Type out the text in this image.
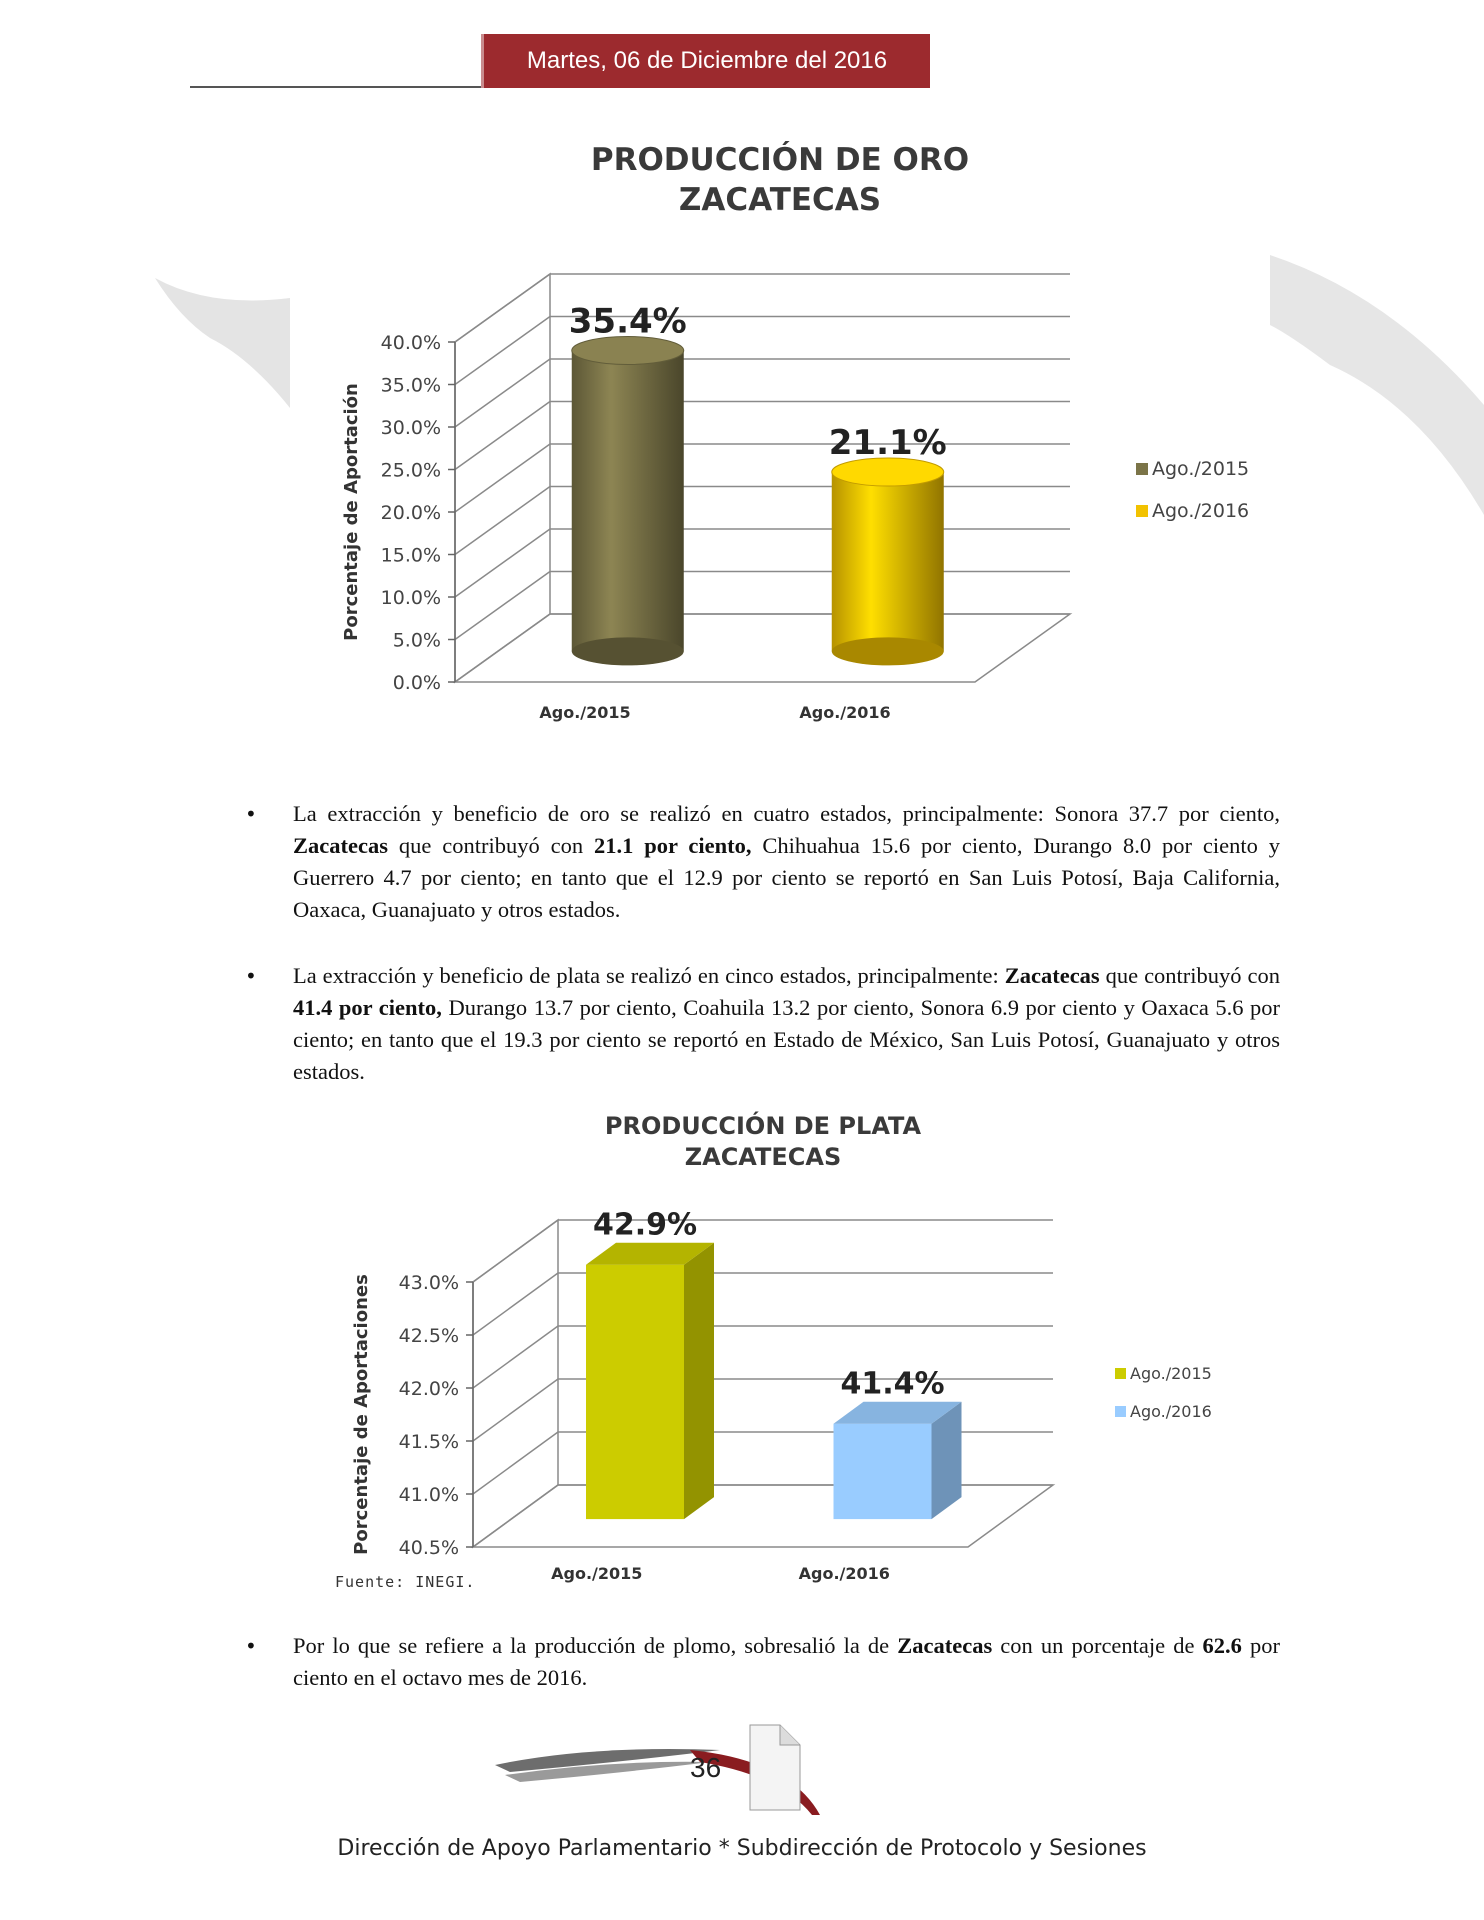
Martes, 06 de Diciembre del 2016
PRODUCCIÓN DE ORO
ZACATECAS
0.0%
5.0%
10.0%
15.0%
20.0%
25.0%
30.0%
35.0%
40.0%
Porcentaje de Aportación
35.4%
Ago./2015
21.1%
Ago./2016
Ago./2015
Ago./2016
• La extracción y beneficio de oro se realizó en cuatro estados, principalmente: Sonora 37.7 por ciento, Zacatecas que contribuyó con 21.1 por ciento, Chihuahua 15.6 por ciento, Durango 8.0 por ciento y Guerrero 4.7 por ciento; en tanto que el 12.9 por ciento se reportó en San Luis Potosí, Baja California, Oaxaca, Guanajuato y otros estados.
• La extracción y beneficio de plata se realizó en cinco estados, principalmente: Zacatecas que contribuyó con 41.4 por ciento, Durango 13.7 por ciento, Coahuila 13.2 por ciento, Sonora 6.9 por ciento y Oaxaca 5.6 por ciento; en tanto que el 19.3 por ciento se reportó en Estado de México, San Luis Potosí, Guanajuato y otros estados.
PRODUCCIÓN DE PLATA
ZACATECAS
40.5%
41.0%
41.5%
42.0%
42.5%
43.0%
Porcentaje de Aportaciones
42.9%
Ago./2015
41.4%
Ago./2016
Ago./2015
Ago./2016
Fuente: INEGI.
• Por lo que se refiere a la producción de plomo, sobresalió la de Zacatecas con un porcentaje de 62.6 por ciento en el octavo mes de 2016.
36
Dirección de Apoyo Parlamentario * Subdirección de Protocolo y Sesiones
